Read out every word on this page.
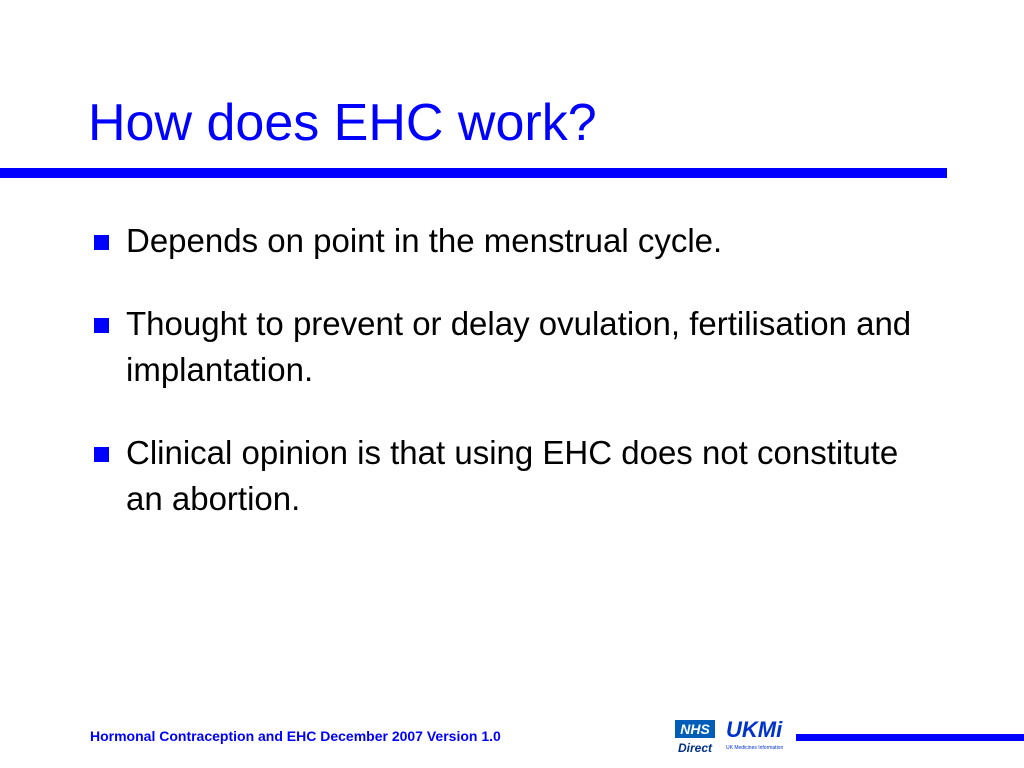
How does EHC work?
Depends on point in the menstrual cycle.
Thought to prevent or delay ovulation, fertilisation and implantation.
Clinical opinion is that using EHC does not constitute an abortion.
Hormonal Contraception and EHC December 2007 Version 1.0	NHS
Direct
UKMi
UK Medicines Information
